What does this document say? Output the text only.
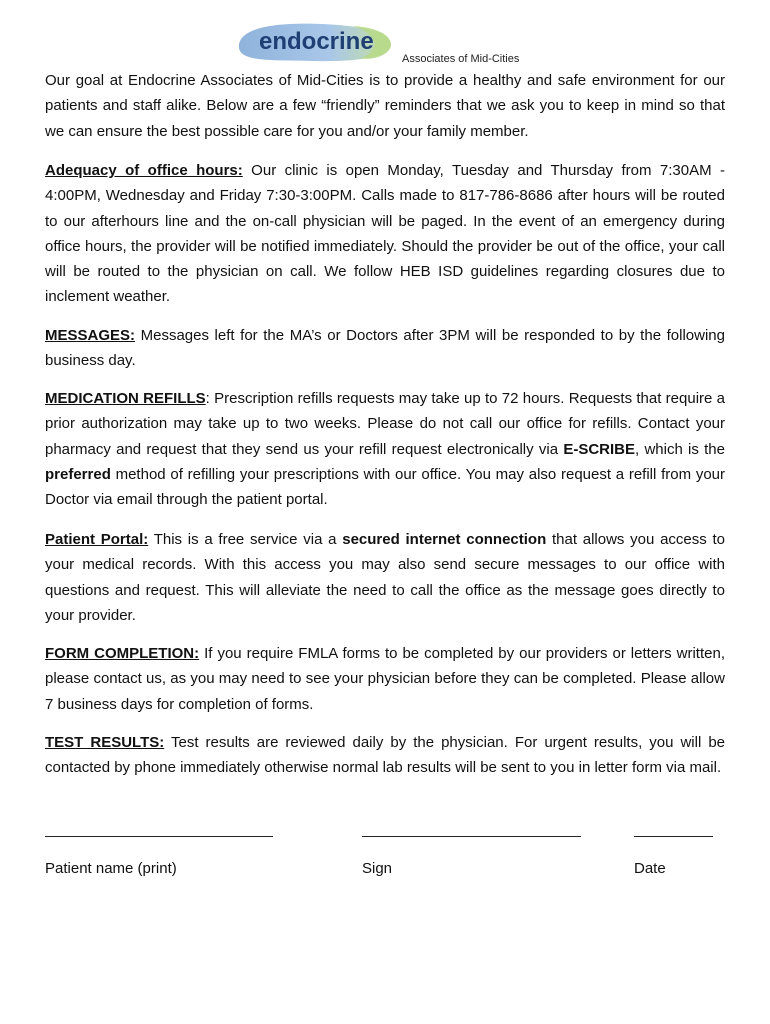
endocrine
Associates of Mid-Cities
Our goal at Endocrine Associates of Mid-Cities is to provide a healthy and safe environment for our patients and staff alike. Below are a few “friendly” reminders that we ask you to keep in mind so that we can ensure the best possible care for you and/or your family member.
Adequacy of office hours: Our clinic is open Monday, Tuesday and Thursday from 7:30AM - 4:00PM, Wednesday and Friday 7:30-3:00PM. Calls made to 817-786-8686 after hours will be routed to our afterhours line and the on-call physician will be paged. In the event of an emergency during office hours, the provider will be notified immediately. Should the provider be out of the office, your call will be routed to the physician on call. We follow HEB ISD guidelines regarding closures due to inclement weather.
MESSAGES: Messages left for the MA’s or Doctors after 3PM will be responded to by the following business day.
MEDICATION REFILLS: Prescription refills requests may take up to 72 hours. Requests that require a prior authorization may take up to two weeks. Please do not call our office for refills. Contact your pharmacy and request that they send us your refill request electronically via E-SCRIBE, which is the preferred method of refilling your prescriptions with our office. You may also request a refill from your Doctor via email through the patient portal.
Patient Portal: This is a free service via a secured internet connection that allows you access to your medical records. With this access you may also send secure messages to our office with questions and request. This will alleviate the need to call the office as the message goes directly to your provider.
FORM COMPLETION: If you require FMLA forms to be completed by our providers or letters written, please contact us, as you may need to see your physician before they can be completed. Please allow 7 business days for completion of forms.
TEST RESULTS: Test results are reviewed daily by the physician. For urgent results, you will be contacted by phone immediately otherwise normal lab results will be sent to you in letter form via mail.
Patient name (print)	Sign	Date
